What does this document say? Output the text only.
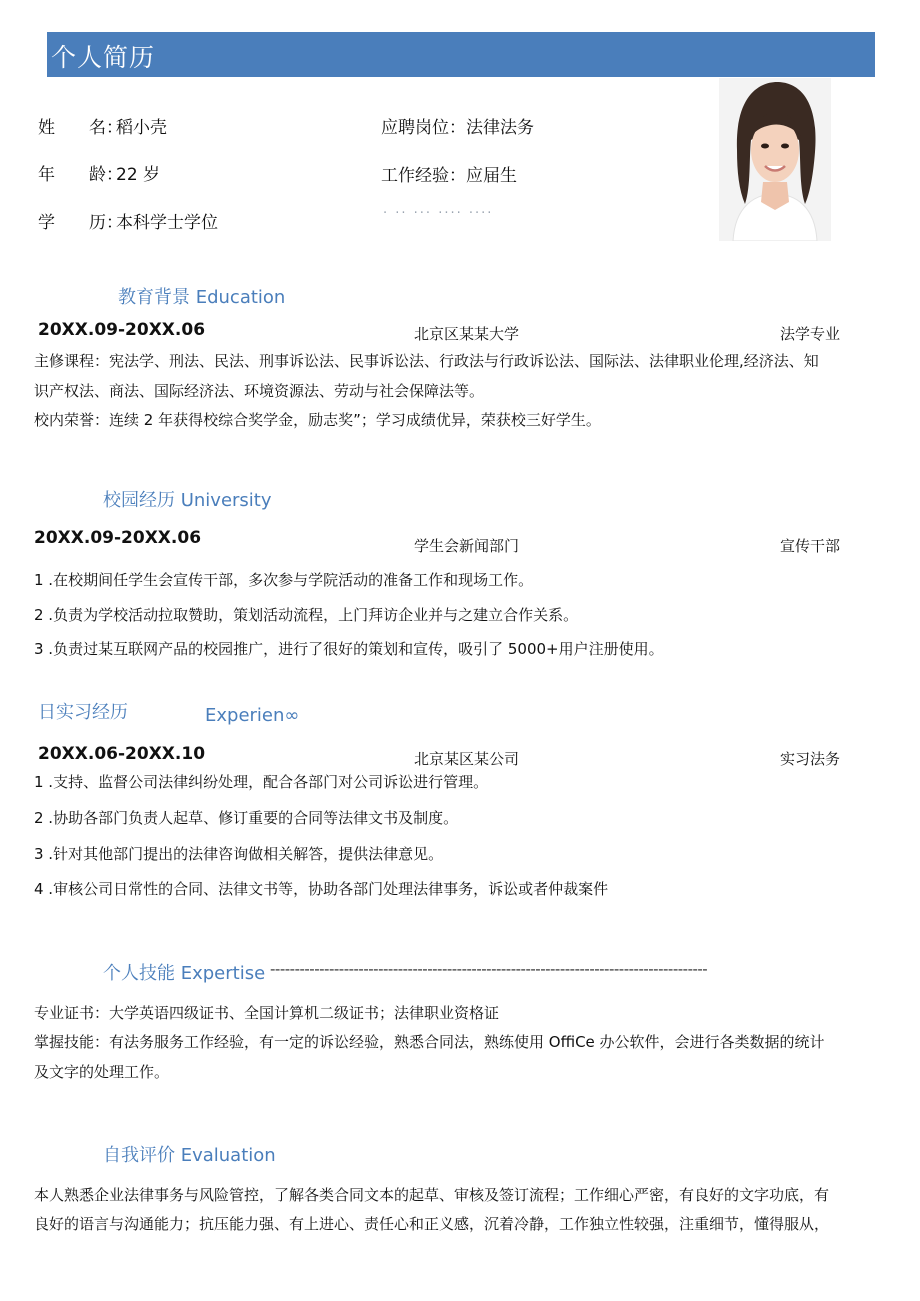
个人简历
姓　　名：稻小壳
年　　龄：22 岁
学　　历：本科学士学位
应聘岗位：法律法务
工作经验：应届生
· ·· ··· ···· ····
教育背景 Education
20XX.09-20XX.06	北京区某某大学	法学专业
主修课程：宪法学、刑法、民法、刑事诉讼法、民事诉讼法、行政法与行政诉讼法、国际法、法律职业伦理,经济法、知
识产权法、商法、国际经济法、环境资源法、劳动与社会保障法等。
校内荣誉：连续 2 年获得校综合奖学金，励志奖”；学习成绩优异，荣获校三好学生。
校园经历 University
20XX.09-20XX.06	学生会新闻部门	宣传干部
1 .在校期间任学生会宣传干部，多次参与学院活动的准备工作和现场工作。
2 .负责为学校活动拉取赞助，策划活动流程，上门拜访企业并与之建立合作关系。
3 .负责过某互联网产品的校园推广，进行了很好的策划和宣传，吸引了 5000+用户注册使用。
日实习经历	Experien∞
20XX.06-20XX.10	北京某区某公司	实习法务
1 .支持、监督公司法律纠纷处理，配合各部门对公司诉讼进行管理。
2 .协助各部门负责人起草、修订重要的合同等法律文书及制度。
3 .针对其他部门提出的法律咨询做相关解答，提供法律意见。
4 .审核公司日常性的合同、法律文书等，协助各部门处理法律事务，诉讼或者仲裁案件
个人技能 Expertise -----------------------------------------------------------------------------------------
专业证书：大学英语四级证书、全国计算机二级证书；法律职业资格证
掌握技能：有法务服务工作经验，有一定的诉讼经验，熟悉合同法，熟练使用 OffiCe 办公软件，会进行各类数据的统计
及文字的处理工作。
自我评价 Evaluation
本人熟悉企业法律事务与风险管控，了解各类合同文本的起草、审核及签订流程；工作细心严密，有良好的文字功底，有
良好的语言与沟通能力；抗压能力强、有上进心、责任心和正义感，沉着冷静，工作独立性较强，注重细节，懂得服从，
